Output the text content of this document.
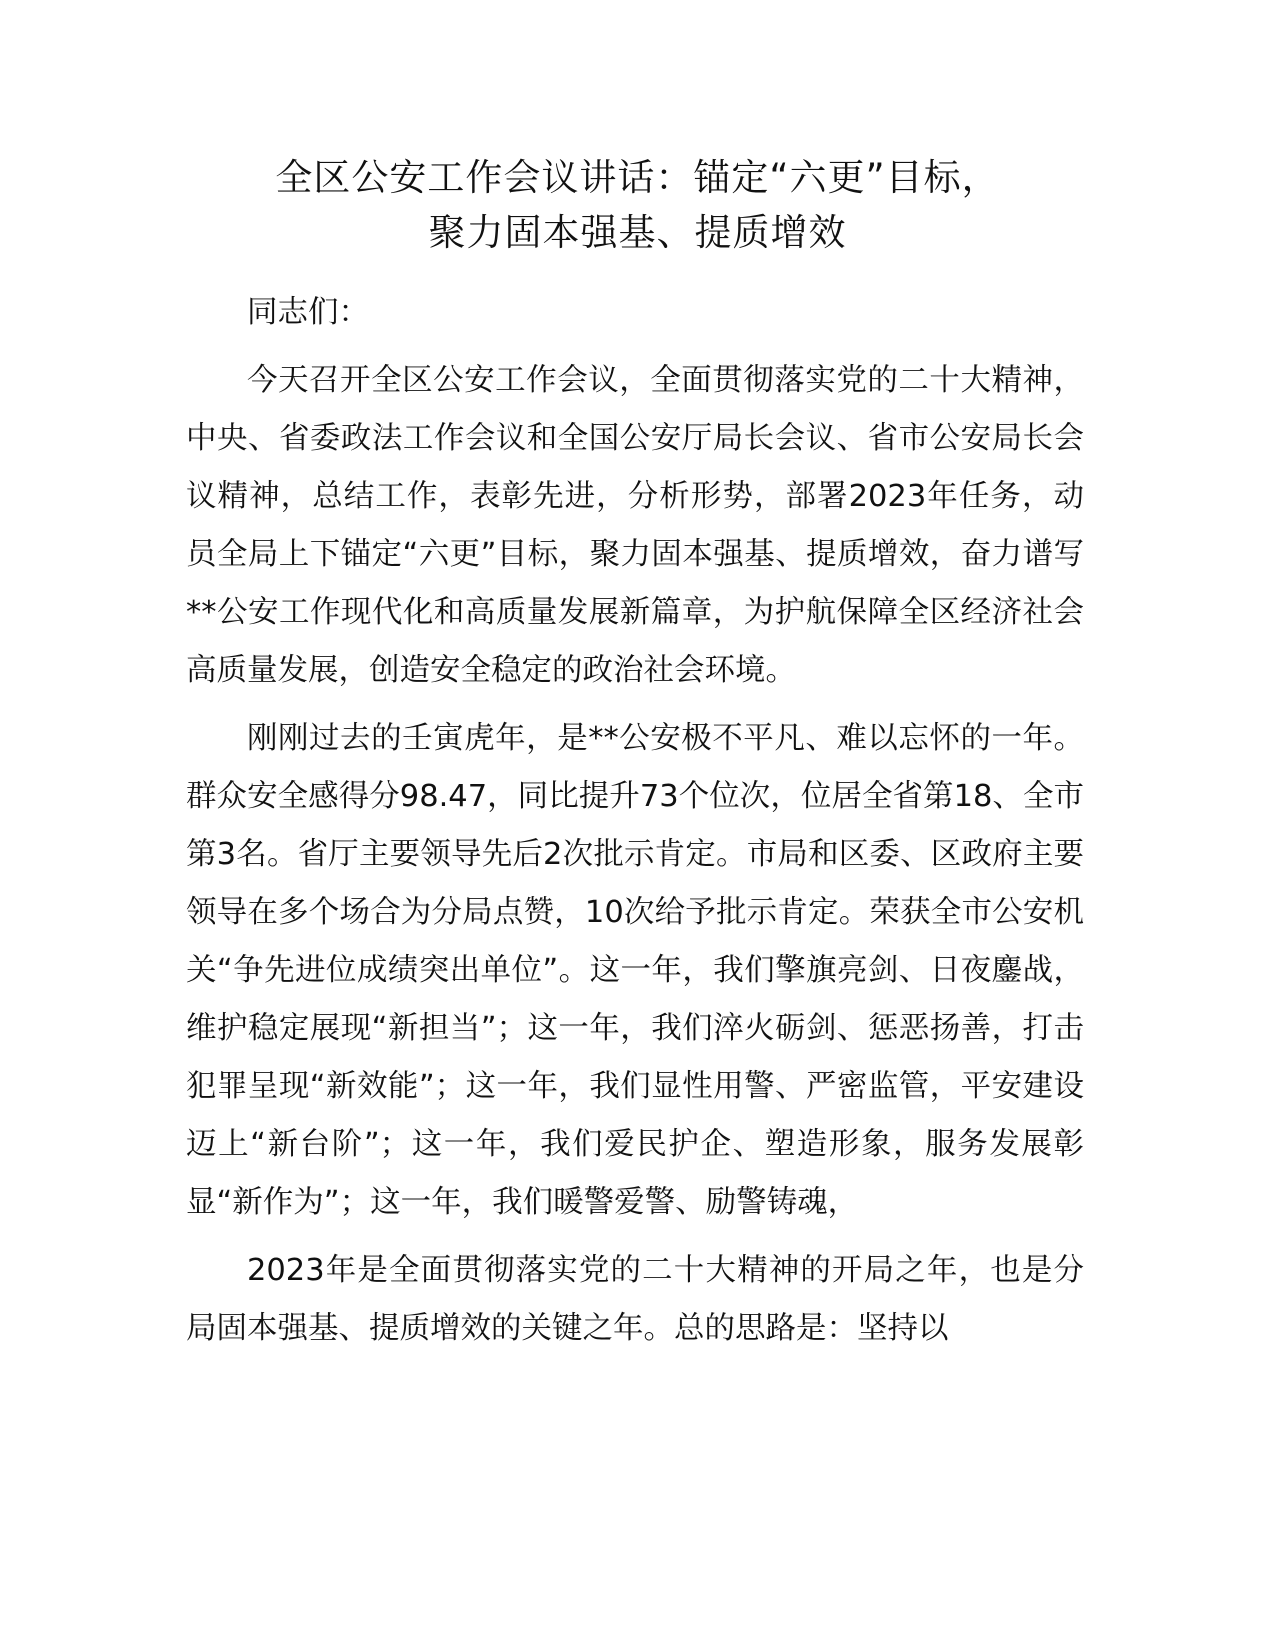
全区公安工作会议讲话：锚定“六更”目标，
聚力固本强基、提质增效

同志们：

今天召开全区公安工作会议，全面贯彻落实党的二十大精神，中央、省委政法工作会议和全国公安厅局长会议、省市公安局长会议精神，总结工作，表彰先进，分析形势，部署2023年任务，动员全局上下锚定“六更”目标，聚力固本强基、提质增效，奋力谱写**公安工作现代化和高质量发展新篇章，为护航保障全区经济社会高质量发展，创造安全稳定的政治社会环境。

刚刚过去的壬寅虎年，是**公安极不平凡、难以忘怀的一年。群众安全感得分98.47，同比提升73个位次，位居全省第18、全市第3名。省厅主要领导先后2次批示肯定。市局和区委、区政府主要领导在多个场合为分局点赞，10次给予批示肯定。荣获全市公安机关“争先进位成绩突出单位”。这一年，我们擎旗亮剑、日夜鏖战，维护稳定展现“新担当”；这一年，我们淬火砺剑、惩恶扬善，打击犯罪呈现“新效能”；这一年，我们显性用警、严密监管，平安建设迈上“新台阶”；这一年，我们爱民护企、塑造形象，服务发展彰显“新作为”；这一年，我们暖警爱警、励警铸魂，

2023年是全面贯彻落实党的二十大精神的开局之年，也是分局固本强基、提质增效的关键之年。总的思路是：坚持以
